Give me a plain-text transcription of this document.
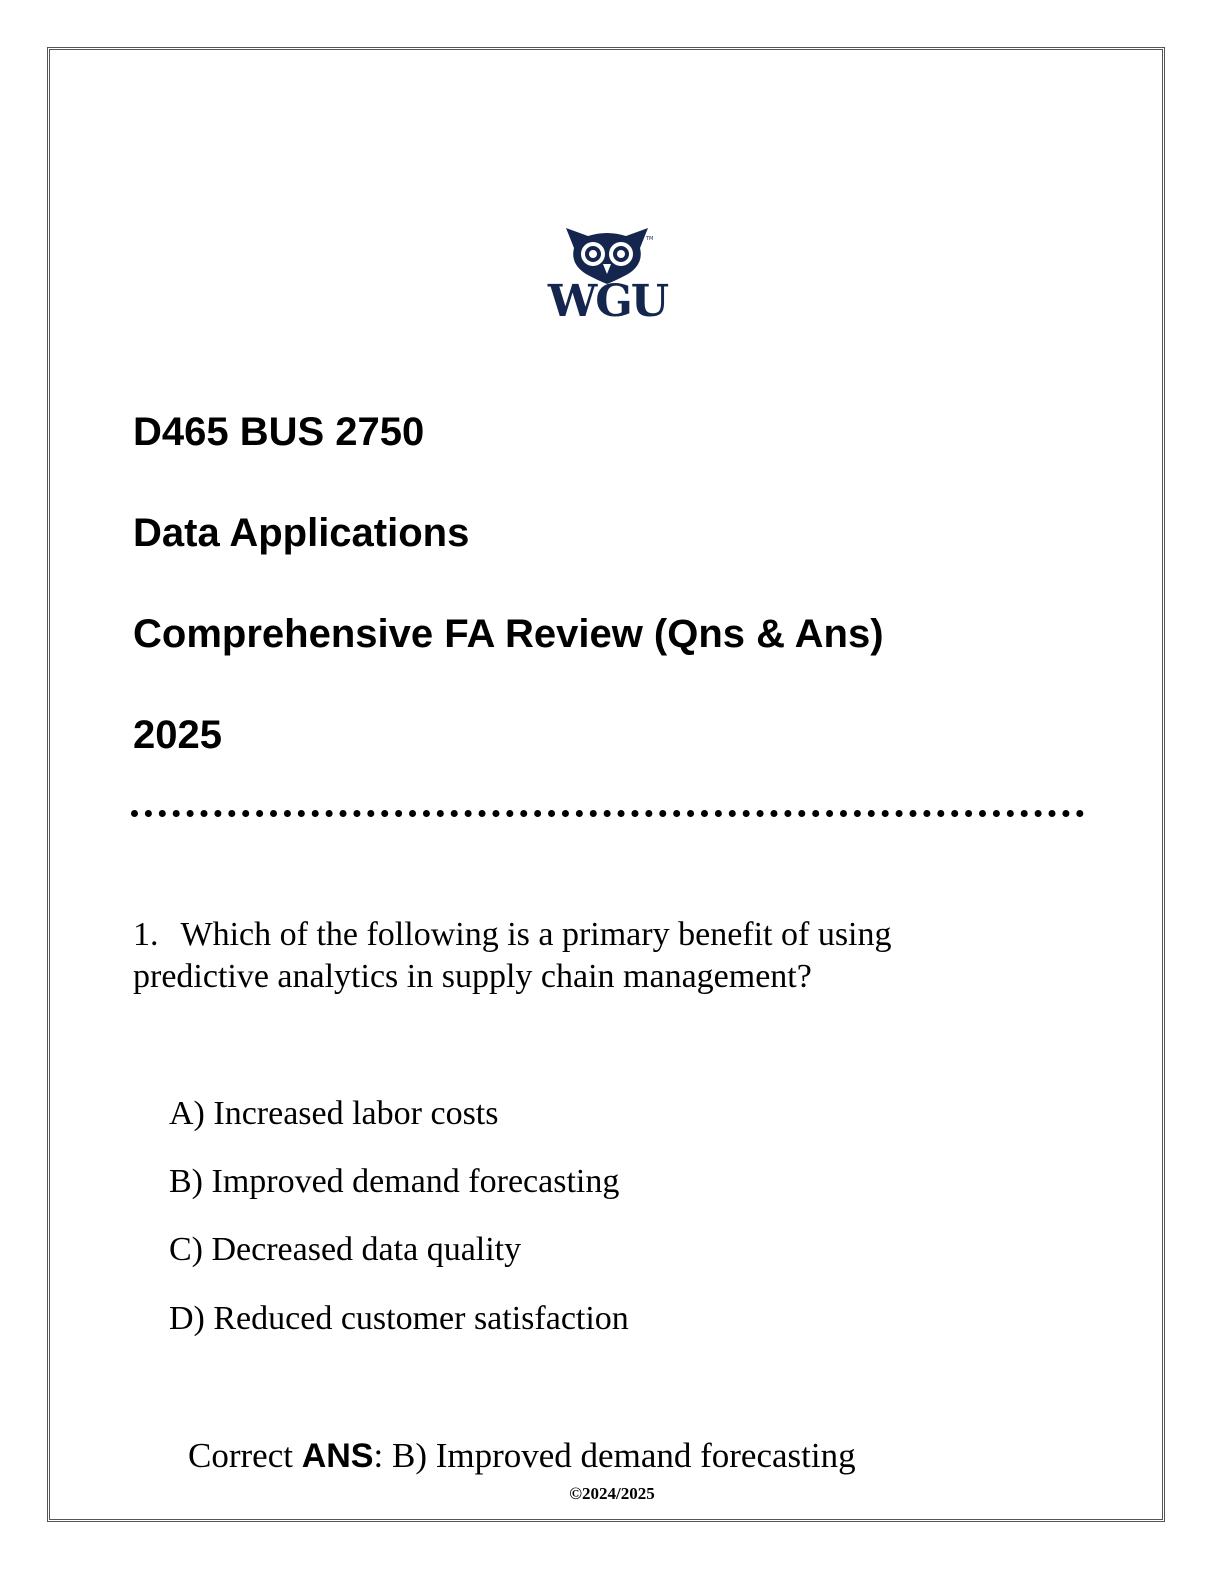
TM
WGU
D465 BUS 2750
Data Applications
Comprehensive FA Review (Qns & Ans)
2025
1. Which of the following is a primary benefit of using predictive analytics in supply chain management?
A) Increased labor costs
B) Improved demand forecasting
C) Decreased data quality
D) Reduced customer satisfaction
Correct ANS: B) Improved demand forecasting
©2024/2025
